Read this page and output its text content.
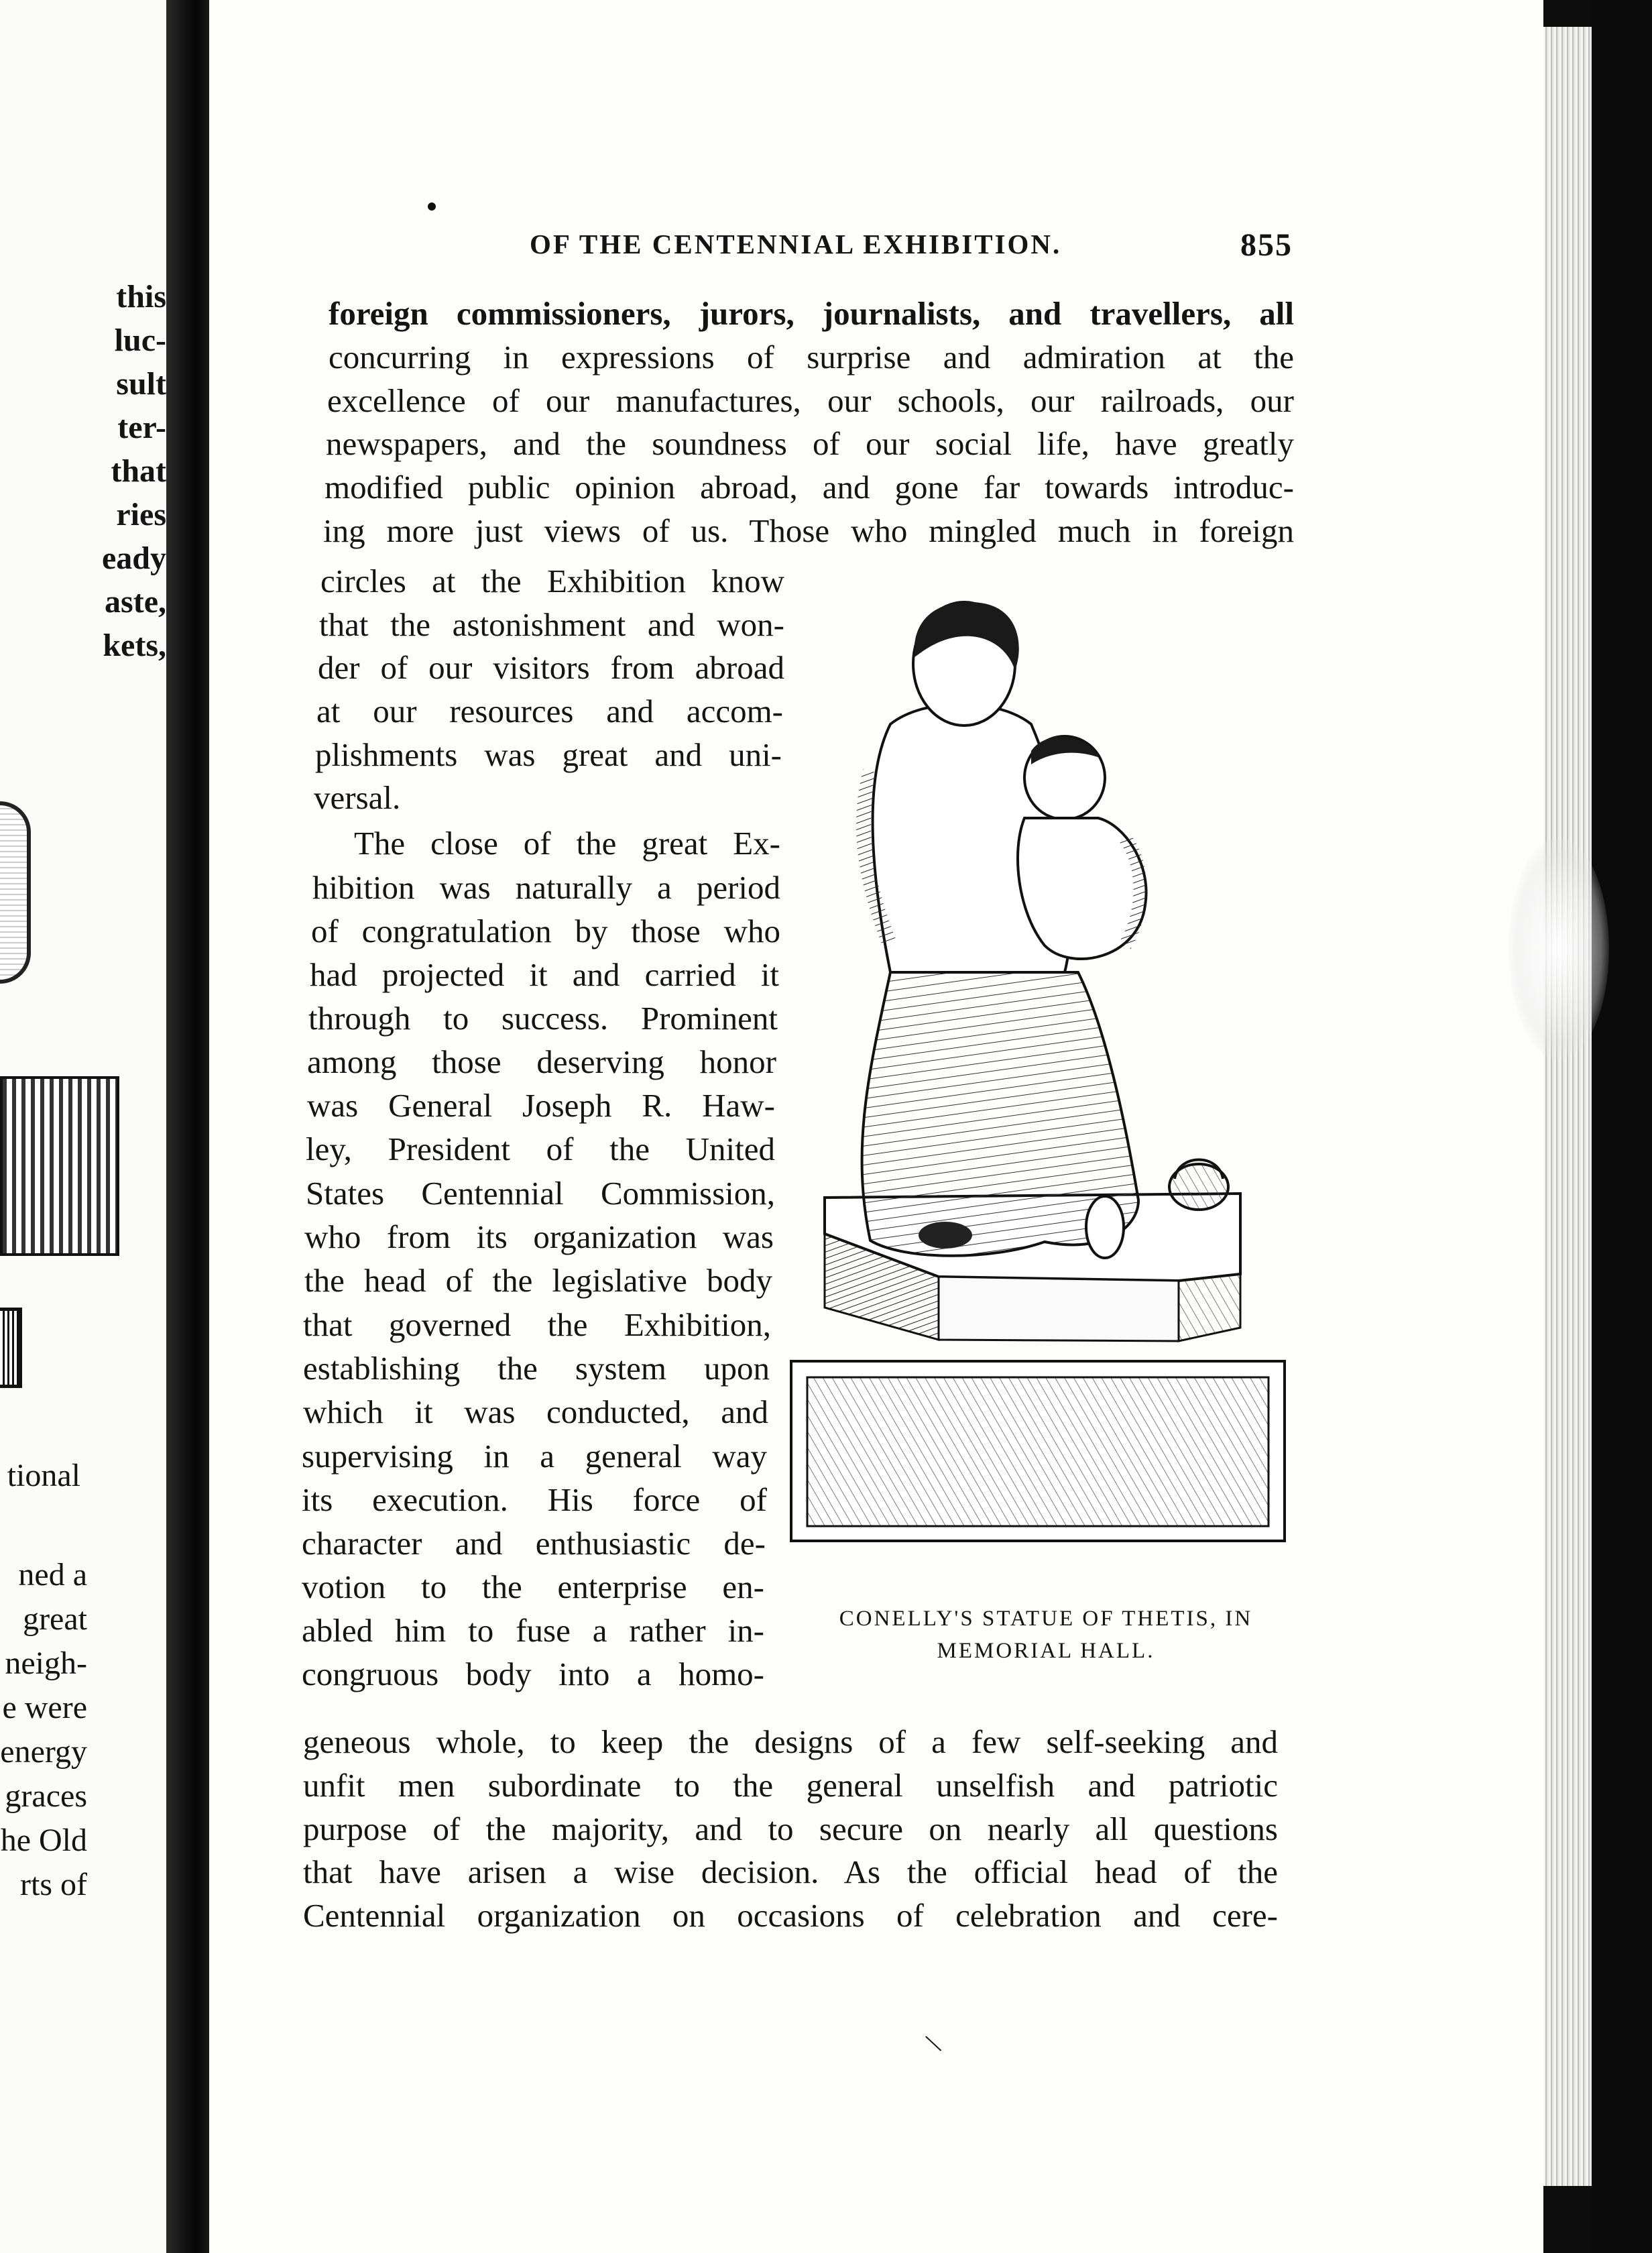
this
luc-
sult
ter-
that
ries
eady
aste,
kets,
tional
ned a
great
neigh-
e were
energy
graces
he Old
rts of
OF THE CENTENNIAL EXHIBITION.	855
foreign commissioners, jurors, journalists, and travellers, all
concurring in expressions of surprise and admiration at the
excellence of our manufactures, our schools, our railroads, our
newspapers, and the soundness of our social life, have greatly
modified public opinion abroad, and gone far towards introduc-
ing more just views of us. Those who mingled much in foreign
circles at the Exhibition know
that the astonishment and won-
der of our visitors from abroad
at our resources and accom-
plishments was great and uni-
versal.
The close of the great Ex-
hibition was naturally a period
of congratulation by those who
had projected it and carried it
through to success. Prominent
among those deserving honor
was General Joseph R. Haw-
ley, President of the United
States Centennial Commission,
who from its organization was
the head of the legislative body
that governed the Exhibition,
establishing the system upon
which it was conducted, and
supervising in a general way
its execution. His force of
character and enthusiastic de-
votion to the enterprise en-
abled him to fuse a rather in-
congruous body into a homo-
geneous whole, to keep the designs of a few self-seeking and
unfit men subordinate to the general unselfish and patriotic
purpose of the majority, and to secure on nearly all questions
that have arisen a wise decision. As the official head of the
Centennial organization on occasions of celebration and cere-
CONELLY'S STATUE OF THETIS, IN
MEMORIAL HALL.
\
